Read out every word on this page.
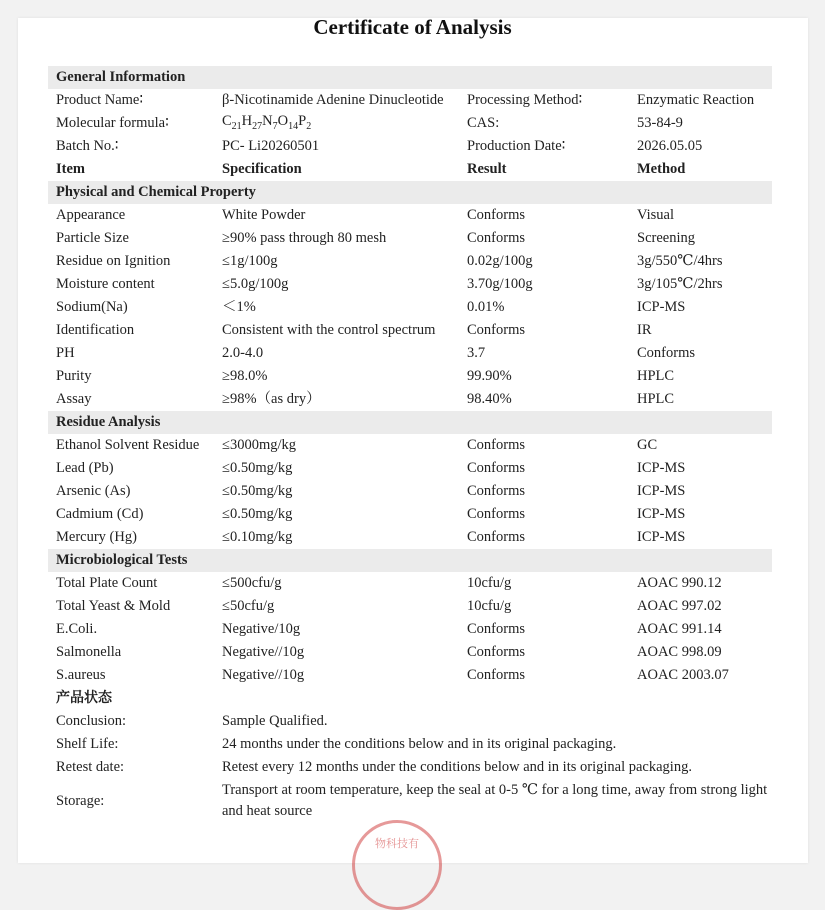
Certificate of Analysis
General Information
Product Name∶	β-Nicotinamide Adenine Dinucleotide	Processing Method∶	Enzymatic Reaction
Molecular formula∶	$C_{21}H_{27}N_7O_{14}P_2$	CAS:	53-84-9
Batch No.∶	PC- Li20260501	Production Date∶	2026.05.05
Item	Specification	Result	Method
Physical and Chemical Property
Appearance	White Powder	Conforms	Visual
Particle Size	≥90% pass through 80 mesh	Conforms	Screening
Residue on Ignition	≤1g/100g	0.02g/100g	3g/550℃/4hrs
Moisture content	≤5.0g/100g	3.70g/100g	3g/105℃/2hrs
Sodium(Na)	＜1%	0.01%	ICP-MS
Identification	Consistent with the control spectrum	Conforms	IR
PH	2.0-4.0	3.7	Conforms
Purity	≥98.0%	99.90%	HPLC
Assay	≥98%（as dry）	98.40%	HPLC
Residue Analysis
Ethanol Solvent Residue	≤3000mg/kg	Conforms	GC
Lead (Pb)	≤0.50mg/kg	Conforms	ICP-MS
Arsenic (As)	≤0.50mg/kg	Conforms	ICP-MS
Cadmium (Cd)	≤0.50mg/kg	Conforms	ICP-MS
Mercury (Hg)	≤0.10mg/kg	Conforms	ICP-MS
Microbiological Tests
Total Plate Count	≤500cfu/g	10cfu/g	AOAC 990.12
Total Yeast & Mold	≤50cfu/g	10cfu/g	AOAC 997.02
E.Coli.	Negative/10g	Conforms	AOAC 991.14
Salmonella	Negative//10g	Conforms	AOAC 998.09
S.aureus	Negative//10g	Conforms	AOAC 2003.07
产品状态
Conclusion:	Sample Qualified.
Shelf Life:	24 months under the conditions below and in its original packaging.
Retest date:	Retest every 12 months under the conditions below and in its original packaging.
Storage:
Transport at room temperature, keep the seal at 0-5 ℃ for a long time, away from strong light and heat source
物科技有
